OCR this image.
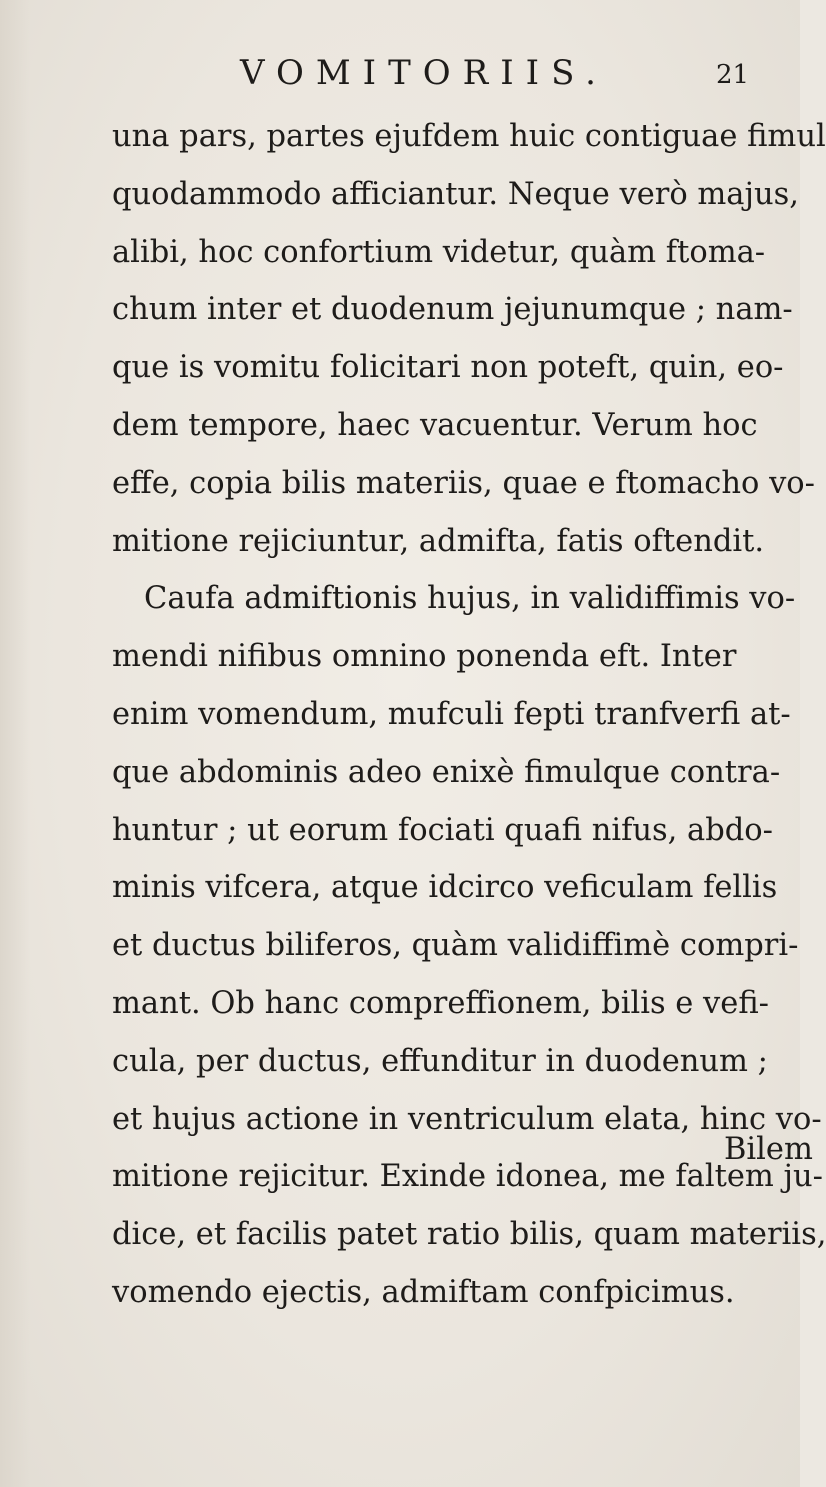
VOMITORIIS.	21
una pars, partes ejufdem huic contiguae fimul
quodammodo afficiantur. Neque verò majus,
alibi, hoc confortium videtur, quàm ftoma-
chum inter et duodenum jejunumque ; nam-
que is vomitu folicitari non poteft, quin, eo-
dem tempore, haec vacuentur. Verum hoc
effe, copia bilis materiis, quae e ftomacho vo-
mitione rejiciuntur, admifta, fatis oftendit.
Caufa admiftionis hujus, in validiffimis vo-
mendi nifibus omnino ponenda eft. Inter
enim vomendum, mufculi fepti tranfverfi at-
que abdominis adeo enixè fimulque contra-
huntur ; ut eorum fociati quafi nifus, abdo-
minis vifcera, atque idcirco veficulam fellis
et ductus biliferos, quàm validiffimè compri-
mant. Ob hanc compreffionem, bilis e vefi-
cula, per ductus, effunditur in duodenum ;
et hujus actione in ventriculum elata, hinc vo-
mitione rejicitur. Exinde idonea, me faltem ju-
dice, et facilis patet ratio bilis, quam materiis,
vomendo ejectis, admiftam confpicimus.
Bilem
